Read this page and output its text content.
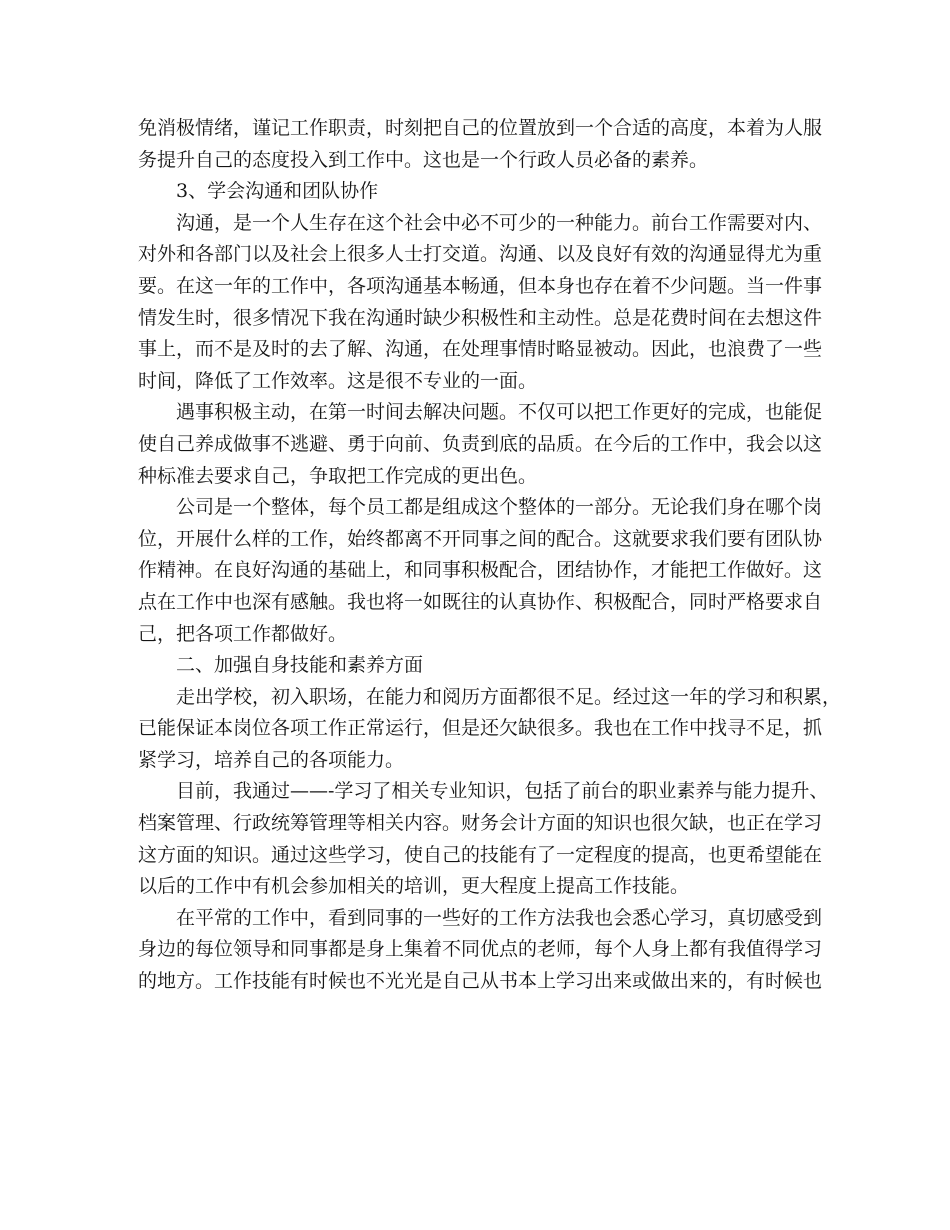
免消极情绪，谨记工作职责，时刻把自己的位置放到一个合适的高度，本着为人服
务提升自己的态度投入到工作中。这也是一个行政人员必备的素养。
3、学会沟通和团队协作
沟通，是一个人生存在这个社会中必不可少的一种能力。前台工作需要对内、
对外和各部门以及社会上很多人士打交道。沟通、以及良好有效的沟通显得尤为重
要。在这一年的工作中，各项沟通基本畅通，但本身也存在着不少问题。当一件事
情发生时，很多情况下我在沟通时缺少积极性和主动性。总是花费时间在去想这件
事上，而不是及时的去了解、沟通，在处理事情时略显被动。因此，也浪费了一些
时间，降低了工作效率。这是很不专业的一面。
遇事积极主动，在第一时间去解决问题。不仅可以把工作更好的完成，也能促
使自己养成做事不逃避、勇于向前、负责到底的品质。在今后的工作中，我会以这
种标准去要求自己，争取把工作完成的更出色。
公司是一个整体，每个员工都是组成这个整体的一部分。无论我们身在哪个岗
位，开展什么样的工作，始终都离不开同事之间的配合。这就要求我们要有团队协
作精神。在良好沟通的基础上，和同事积极配合，团结协作，才能把工作做好。这
点在工作中也深有感触。我也将一如既往的认真协作、积极配合，同时严格要求自
己，把各项工作都做好。
二、加强自身技能和素养方面
走出学校，初入职场，在能力和阅历方面都很不足。经过这一年的学习和积累，
已能保证本岗位各项工作正常运行，但是还欠缺很多。我也在工作中找寻不足，抓
紧学习，培养自己的各项能力。
目前，我通过——-学习了相关专业知识，包括了前台的职业素养与能力提升、
档案管理、行政统筹管理等相关内容。财务会计方面的知识也很欠缺，也正在学习
这方面的知识。通过这些学习，使自己的技能有了一定程度的提高，也更希望能在
以后的工作中有机会参加相关的培训，更大程度上提高工作技能。
在平常的工作中，看到同事的一些好的工作方法我也会悉心学习，真切感受到
身边的每位领导和同事都是身上集着不同优点的老师，每个人身上都有我值得学习
的地方。工作技能有时候也不光光是自己从书本上学习出来或做出来的，有时候也
